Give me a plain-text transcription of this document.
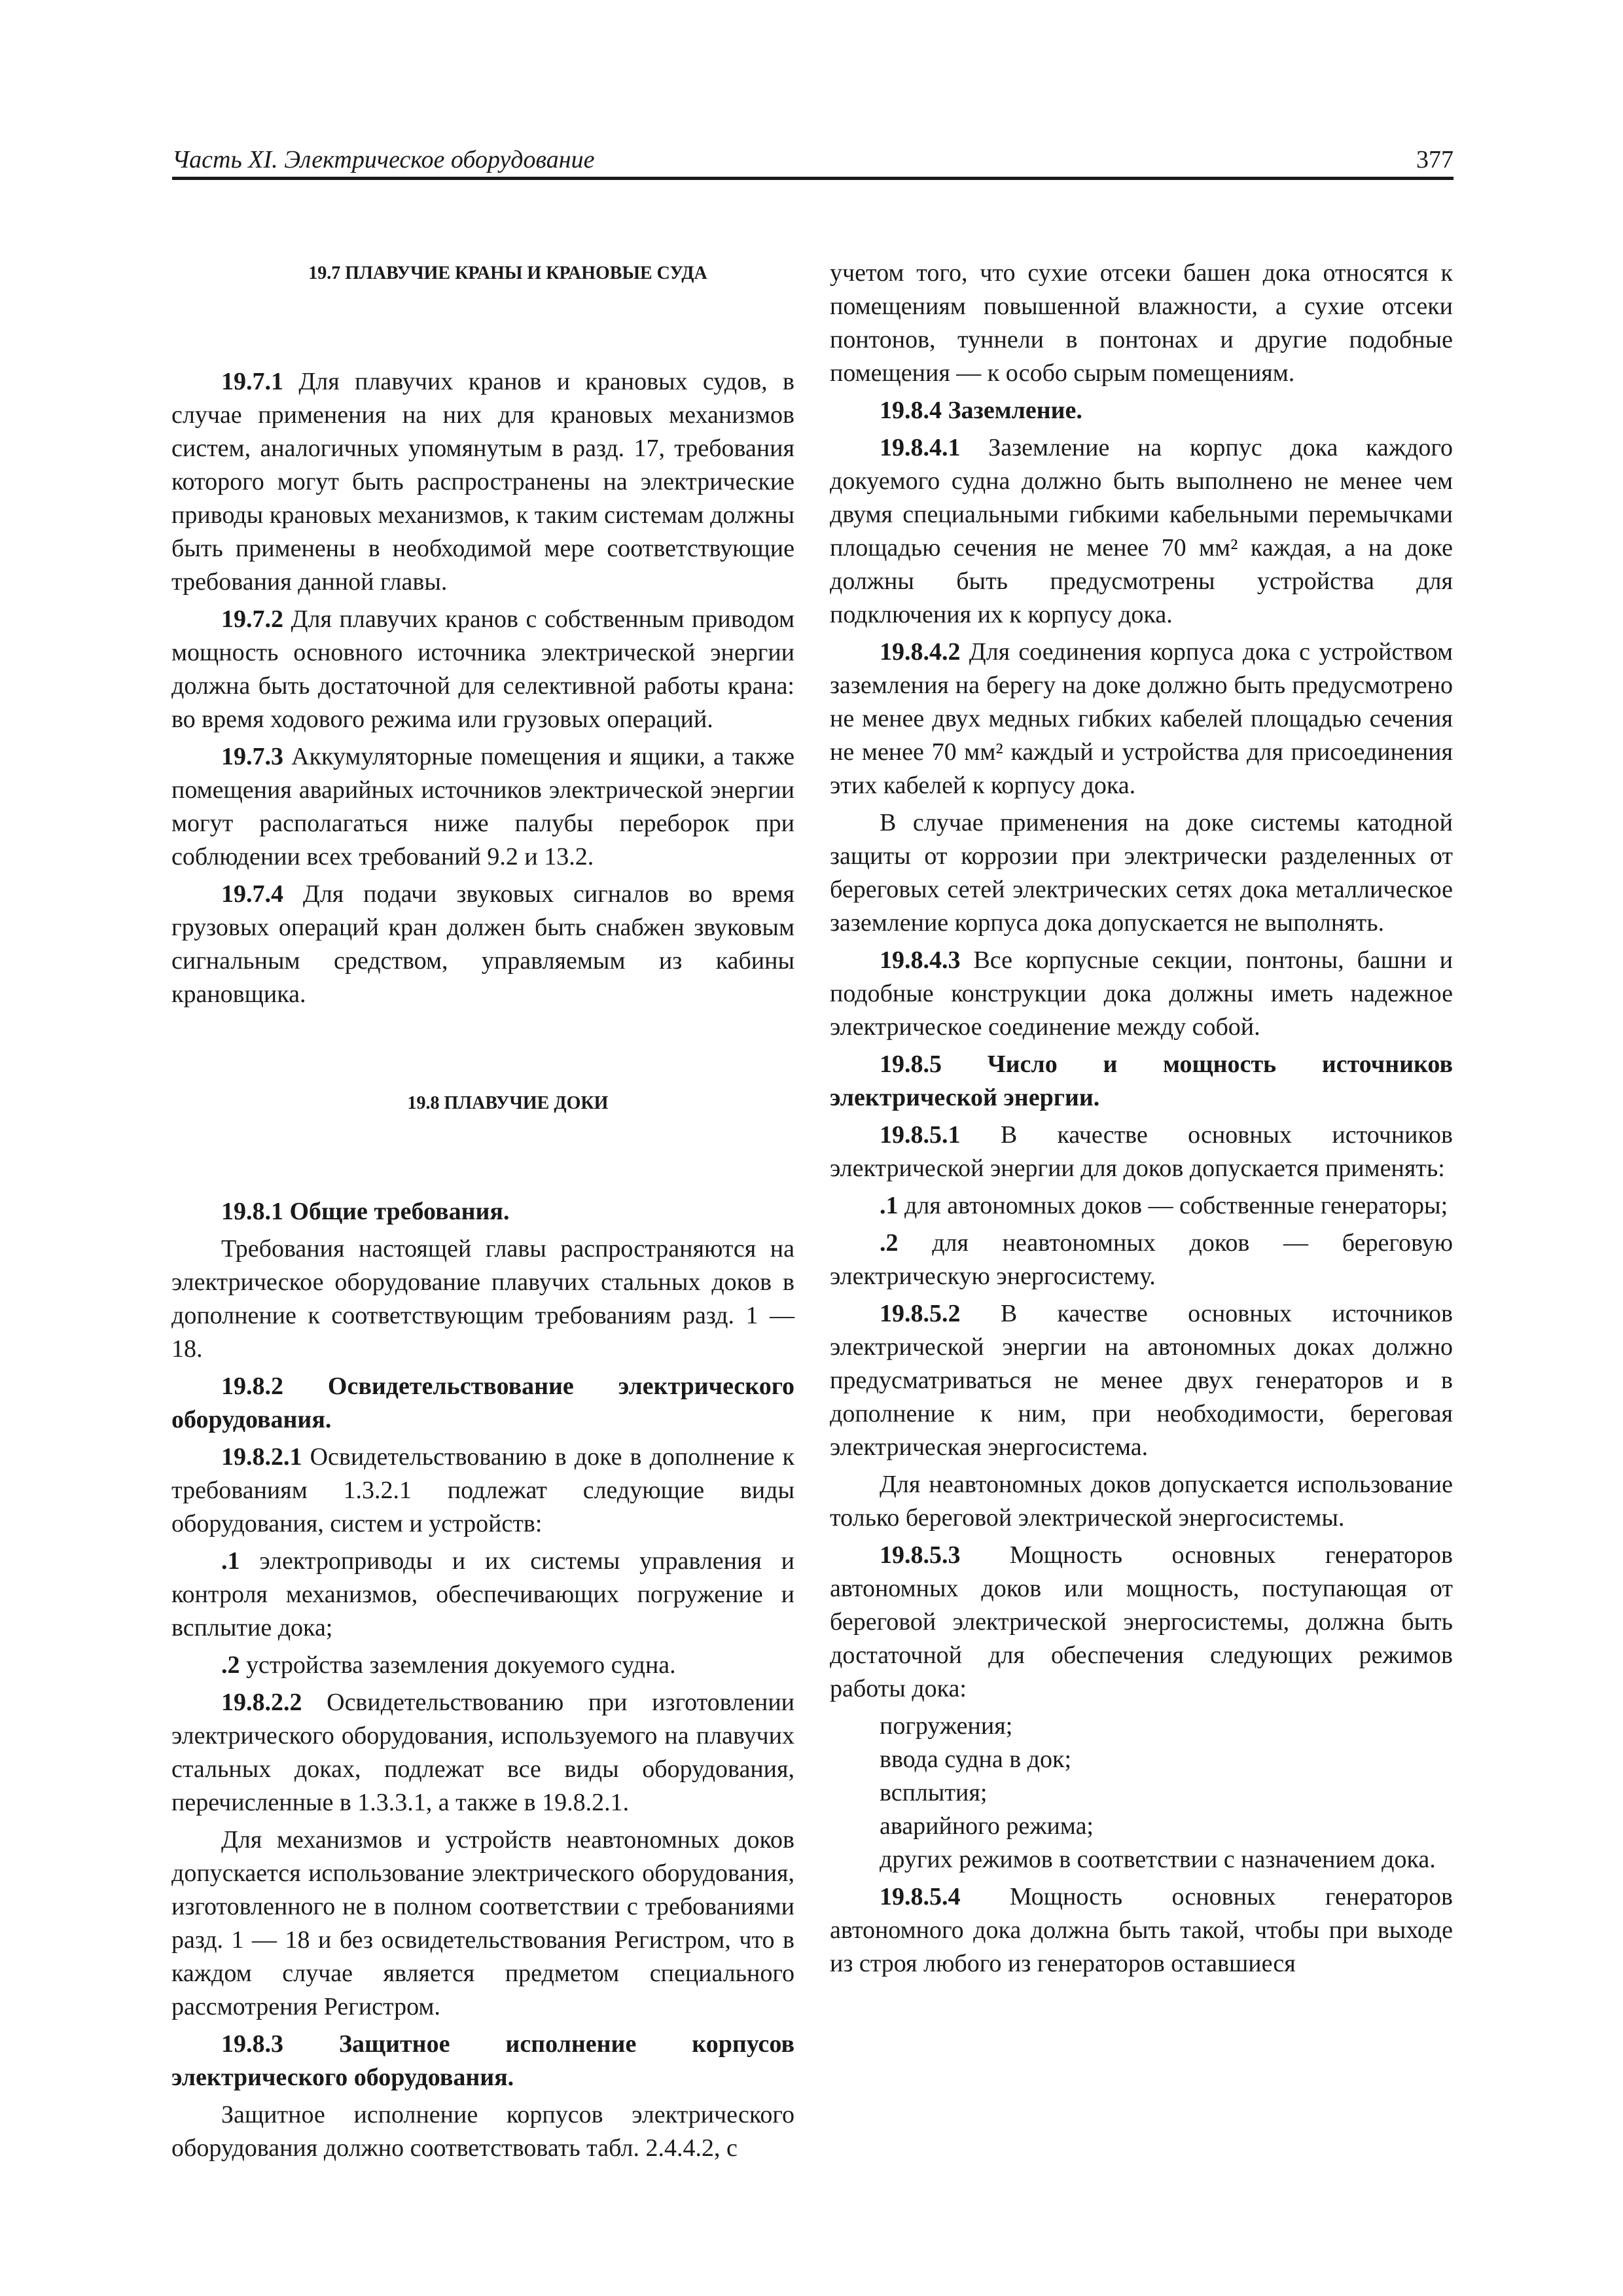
Часть XI. Электрическое оборудование	377

19.7 ПЛАВУЧИЕ КРАНЫ И КРАНОВЫЕ СУДА

19.7.1 Для плавучих кранов и крановых судов, в случае применения на них для крановых механизмов систем, аналогичных упомянутым в разд. 17, требования которого могут быть распространены на электрические приводы крановых механизмов, к таким системам должны быть применены в необходимой мере соответствующие требования данной главы.

19.7.2 Для плавучих кранов с собственным приводом мощность основного источника электрической энергии должна быть достаточной для селективной работы крана: во время ходового режима или грузовых операций.

19.7.3 Аккумуляторные помещения и ящики, а также помещения аварийных источников электрической энергии могут располагаться ниже палубы переборок при соблюдении всех требований 9.2 и 13.2.

19.7.4 Для подачи звуковых сигналов во время грузовых операций кран должен быть снабжен звуковым сигнальным средством, управляемым из кабины крановщика.

19.8 ПЛАВУЧИЕ ДОКИ

19.8.1 Общие требования.

Требования настоящей главы распространяются на электрическое оборудование плавучих стальных доков в дополнение к соответствующим требованиям разд. 1 — 18.

19.8.2 Освидетельствование электрического оборудования.

19.8.2.1 Освидетельствованию в доке в дополнение к требованиям 1.3.2.1 подлежат следующие виды оборудования, систем и устройств:

.1 электроприводы и их системы управления и контроля механизмов, обеспечивающих погружение и всплытие дока;

.2 устройства заземления докуемого судна.

19.8.2.2 Освидетельствованию при изготовлении электрического оборудования, используемого на плавучих стальных доках, подлежат все виды оборудования, перечисленные в 1.3.3.1, а также в 19.8.2.1.

Для механизмов и устройств неавтономных доков допускается использование электрического оборудования, изготовленного не в полном соответствии с требованиями разд. 1 — 18 и без освидетельствования Регистром, что в каждом случае является предметом специального рассмотрения Регистром.

19.8.3 Защитное исполнение корпусов электрического оборудования.

Защитное исполнение корпусов электрического оборудования должно соответствовать табл. 2.4.4.2, с

учетом того, что сухие отсеки башен дока относятся к помещениям повышенной влажности, а сухие отсеки понтонов, туннели в понтонах и другие подобные помещения — к особо сырым помещениям.

19.8.4 Заземление.

19.8.4.1 Заземление на корпус дока каждого докуемого судна должно быть выполнено не менее чем двумя специальными гибкими кабельными перемычками площадью сечения не менее 70 мм² каждая, а на доке должны быть предусмотрены устройства для подключения их к корпусу дока.

19.8.4.2 Для соединения корпуса дока с устройством заземления на берегу на доке должно быть предусмотрено не менее двух медных гибких кабелей площадью сечения не менее 70 мм² каждый и устройства для присоединения этих кабелей к корпусу дока.

В случае применения на доке системы катодной защиты от коррозии при электрически разделенных от береговых сетей электрических сетях дока металлическое заземление корпуса дока допускается не выполнять.

19.8.4.3 Все корпусные секции, понтоны, башни и подобные конструкции дока должны иметь надежное электрическое соединение между собой.

19.8.5 Число и мощность источников электрической энергии.

19.8.5.1 В качестве основных источников электрической энергии для доков допускается применять:

.1 для автономных доков — собственные генераторы;

.2 для неавтономных доков — береговую электрическую энергосистему.

19.8.5.2 В качестве основных источников электрической энергии на автономных доках должно предусматриваться не менее двух генераторов и в дополнение к ним, при необходимости, береговая электрическая энергосистема.

Для неавтономных доков допускается использование только береговой электрической энергосистемы.

19.8.5.3 Мощность основных генераторов автономных доков или мощность, поступающая от береговой электрической энергосистемы, должна быть достаточной для обеспечения следующих режимов работы дока:

погружения;

ввода судна в док;

всплытия;

аварийного режима;

других режимов в соответствии с назначением дока.

19.8.5.4 Мощность основных генераторов автономного дока должна быть такой, чтобы при выходе из строя любого из генераторов оставшиеся
